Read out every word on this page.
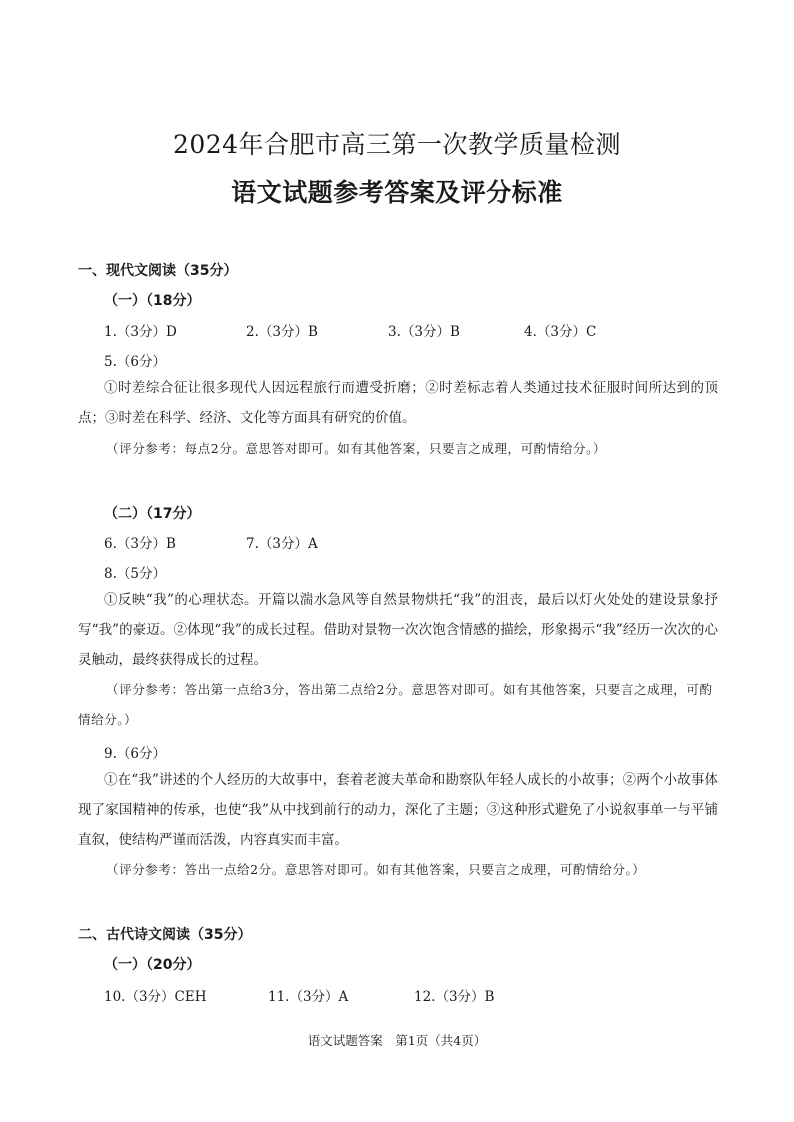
2024年合肥市高三第一次教学质量检测
语文试题参考答案及评分标准
一、现代文阅读（35分）
（一）（18分）
1.（3分）D	2.（3分）B	3.（3分）B	4.（3分）C
5.（6分）
①时差综合征让很多现代人因远程旅行而遭受折磨；②时差标志着人类通过技术征服时间所达到的顶点；③时差在科学、经济、文化等方面具有研究的价值。
（评分参考：每点2分。意思答对即可。如有其他答案，只要言之成理，可酌情给分。）
（二）（17分）
6.（3分）B	7.（3分）A
8.（5分）
①反映“我”的心理状态。开篇以湍水急风等自然景物烘托“我”的沮丧，最后以灯火处处的建设景象抒写“我”的豪迈。②体现“我”的成长过程。借助对景物一次次饱含情感的描绘，形象揭示“我”经历一次次的心灵触动，最终获得成长的过程。
（评分参考：答出第一点给3分，答出第二点给2分。意思答对即可。如有其他答案，只要言之成理，可酌情给分。）
9.（6分）
①在“我”讲述的个人经历的大故事中，套着老渡夫革命和勘察队年轻人成长的小故事；②两个小故事体现了家国精神的传承，也使“我”从中找到前行的动力，深化了主题；③这种形式避免了小说叙事单一与平铺直叙，使结构严谨而活泼，内容真实而丰富。
（评分参考：答出一点给2分。意思答对即可。如有其他答案，只要言之成理，可酌情给分。）
二、古代诗文阅读（35分）
（一）（20分）
10.（3分）CEH	11.（3分）A	12.（3分）B
语文试题答案　第1页（共4页）
